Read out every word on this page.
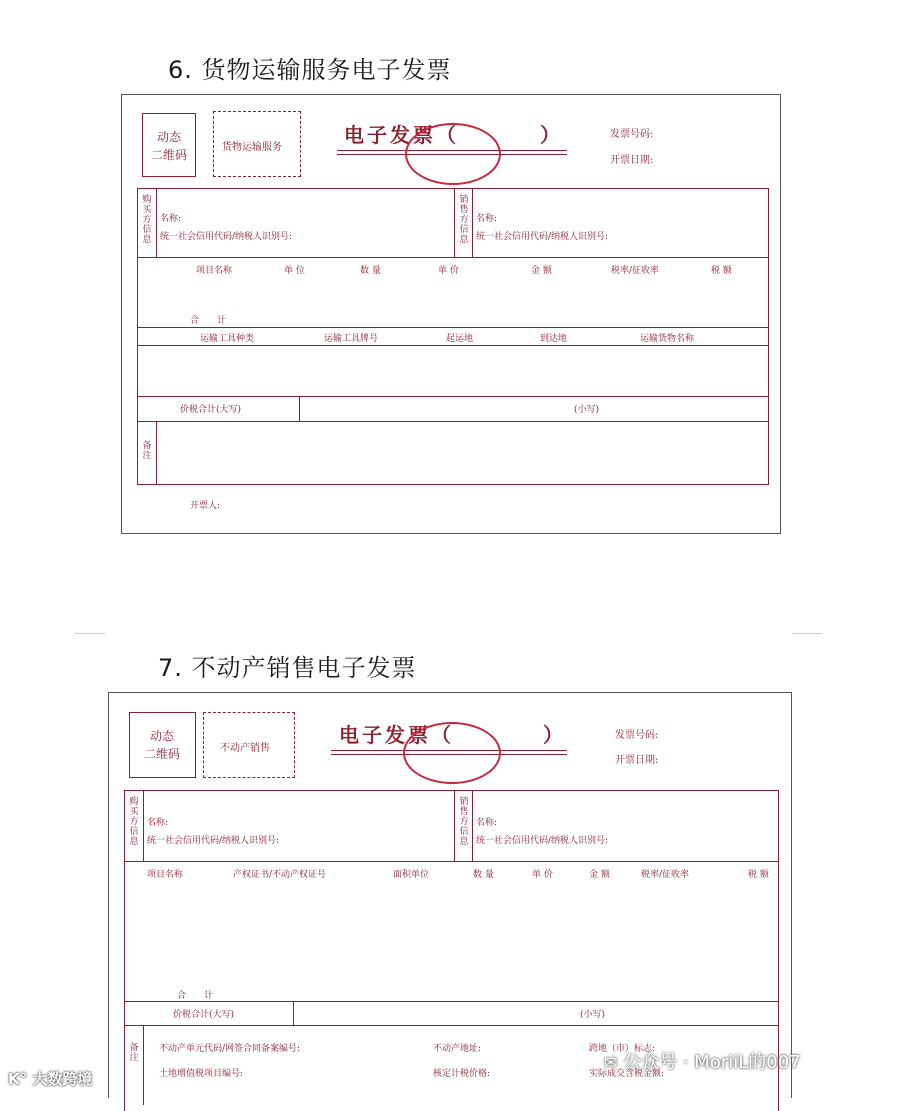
6. 货物运输服务电子发票
动态
二维码
货物运输服务
电子发票（	）	发票号码:
开票日期:
购买方信息
名称:
统一社会信用代码/纳税人识别号:
销售方信息
名称:
统一社会信用代码/纳税人识别号:
项目名称	单 位	数 量	单 价	金 额	税率/征收率	税 额
合　　计
运输工具种类	运输工具牌号	起运地	到达地	运输货物名称
价税合计(大写)	(小写)
备注
开票人:
7. 不动产销售电子发票
动态
二维码	不动产销售
电子发票（	）	发票号码:
开票日期:
购买方信息
名称:
统一社会信用代码/纳税人识别号:
销售方信息
名称:
统一社会信用代码/纳税人识别号:
项目名称	产权证书/不动产权证号	面积单位	数 量	单 价	金 额	税率/征收率	税 额
合　　计
价税合计(大写)	(小写)
备注
不动产单元代码/网签合同备案编号:	不动产地址:	跨地（市）标志:
土地增值税项目编号:	核定计税价格:	实际成交含税金额:
K° 大数跨境
✉ 公众号 · MoriiL的007
